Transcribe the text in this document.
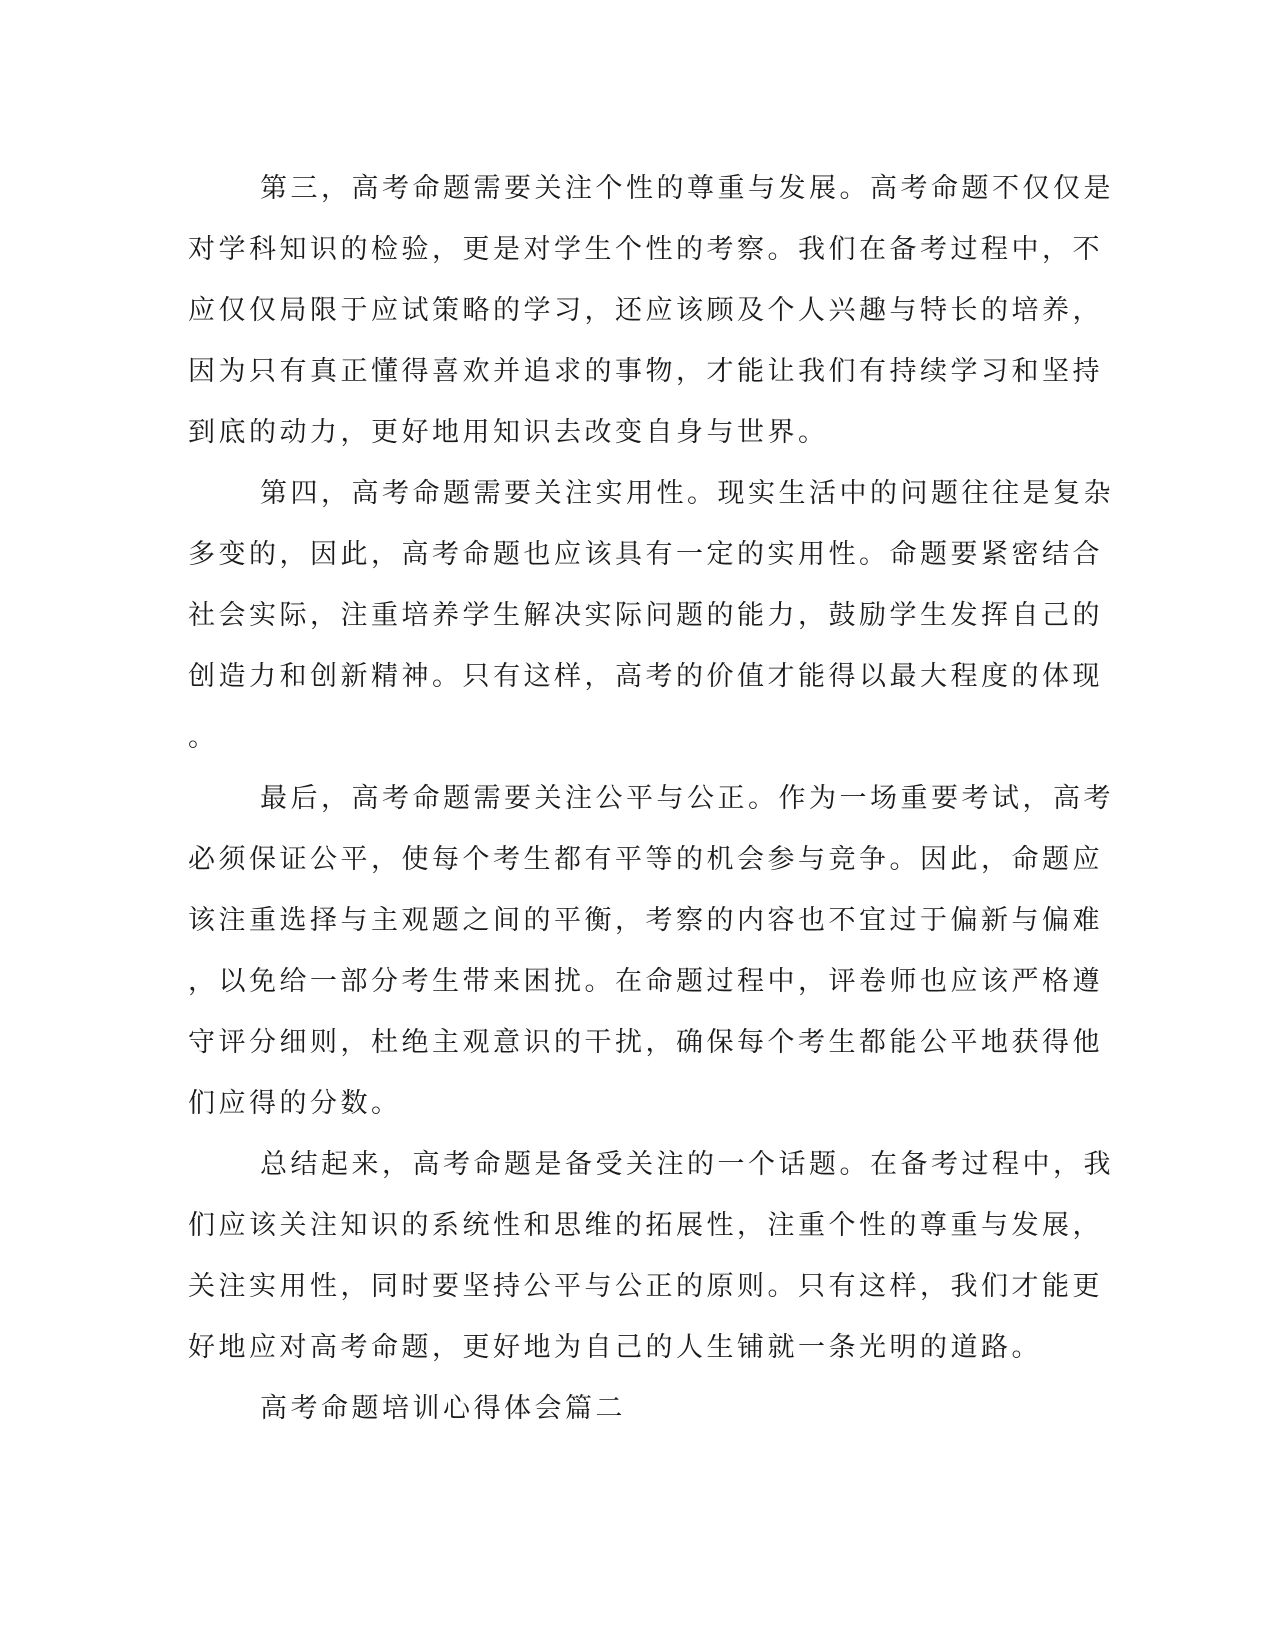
第三，高考命题需要关注个性的尊重与发展。高考命题不仅仅是
对学科知识的检验，更是对学生个性的考察。我们在备考过程中，不
应仅仅局限于应试策略的学习，还应该顾及个人兴趣与特长的培养，
因为只有真正懂得喜欢并追求的事物，才能让我们有持续学习和坚持
到底的动力，更好地用知识去改变自身与世界。
第四，高考命题需要关注实用性。现实生活中的问题往往是复杂
多变的，因此，高考命题也应该具有一定的实用性。命题要紧密结合
社会实际，注重培养学生解决实际问题的能力，鼓励学生发挥自己的
创造力和创新精神。只有这样，高考的价值才能得以最大程度的体现
。
最后，高考命题需要关注公平与公正。作为一场重要考试，高考
必须保证公平，使每个考生都有平等的机会参与竞争。因此，命题应
该注重选择与主观题之间的平衡，考察的内容也不宜过于偏新与偏难
，以免给一部分考生带来困扰。在命题过程中，评卷师也应该严格遵
守评分细则，杜绝主观意识的干扰，确保每个考生都能公平地获得他
们应得的分数。
总结起来，高考命题是备受关注的一个话题。在备考过程中，我
们应该关注知识的系统性和思维的拓展性，注重个性的尊重与发展，
关注实用性，同时要坚持公平与公正的原则。只有这样，我们才能更
好地应对高考命题，更好地为自己的人生铺就一条光明的道路。
高考命题培训心得体会篇二
